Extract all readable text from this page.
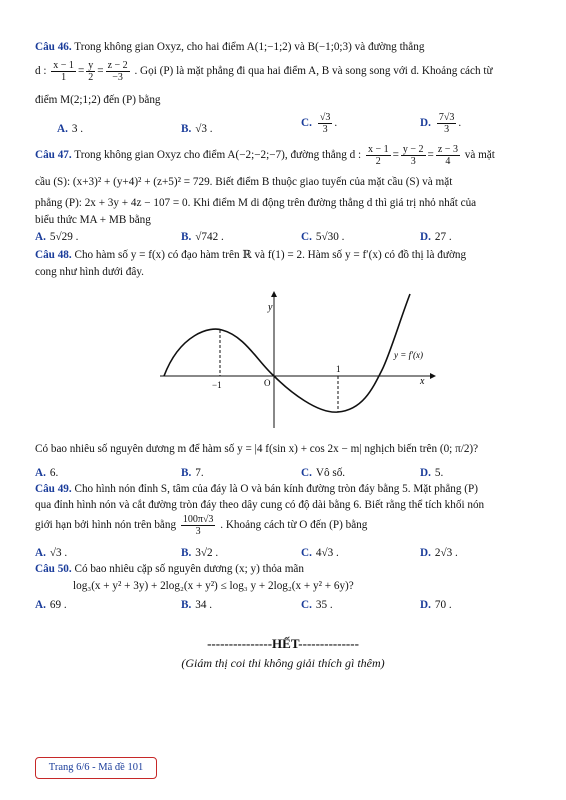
Câu 46. Trong không gian Oxyz, cho hai điểm A(1;−1;2) và B(−1;0;3) và đường thẳng
d : $\frac{x - 1}{1} = \frac{y}{2} = \frac{z - 2}{-3}$ . Gọi (P) là mặt phẳng đi qua hai điểm A, B và song song với d. Khoảng cách từ
điểm M(2;1;2) đến (P) bằng
A. 3 .	B. √3 .	C. $\frac{√3}{3}$ .	D. $\frac{7√3}{3}$ .
Câu 47. Trong không gian Oxyz cho điểm A(−2;−2;−7), đường thẳng d : $\frac{x - 1}{2} = \frac{y - 2}{3} = \frac{z - 3}{4}$ và mặt
cầu (S): (x+3)² + (y+4)² + (z+5)² = 729. Biết điểm B thuộc giao tuyến của mặt cầu (S) và mặt
phẳng (P): 2x + 3y + 4z − 107 = 0. Khi điểm M di động trên đường thẳng d thì giá trị nhỏ nhất của
biểu thức MA + MB bằng
A. 5√29 .	B. √742 .	C. 5√30 .	D. 27 .
Câu 48. Cho hàm số y = f(x) có đạo hàm trên ℝ và f(1) = 2. Hàm số y = f′(x) có đồ thị là đường
cong như hình dưới đây.
y
x
O
−1
1
y = f′(x)
Có bao nhiêu số nguyên dương m để hàm số y = |4 f(sin x) + cos 2x − m| nghịch biến trên (0; π/2)?
A. 6.	B. 7.	C. Vô số.	D. 5.
Câu 49. Cho hình nón đỉnh S, tâm của đáy là O và bán kính đường tròn đáy bằng 5. Mặt phẳng (P)
qua đỉnh hình nón và cắt đường tròn đáy theo dây cung có độ dài bằng 6. Biết rằng thể tích khối nón
giới hạn bởi hình nón trên bằng $\frac{100\pi√3}{3}$ . Khoảng cách từ O đến (P) bằng
A. √3 .	B. 3√2 .	C. 4√3 .	D. 2√3 .
Câu 50. Có bao nhiêu cặp số nguyên dương (x; y) thỏa mãn
log₃(x + y² + 3y) + 2log₂(x + y²) ≤ log₃ y + 2log₂(x + y² + 6y)?
A. 69 .	B. 34 .	C. 35 .	D. 70 .
---------------HẾT--------------
(Giám thị coi thi không giải thích gì thêm)
Trang 6/6 - Mã đề 101
